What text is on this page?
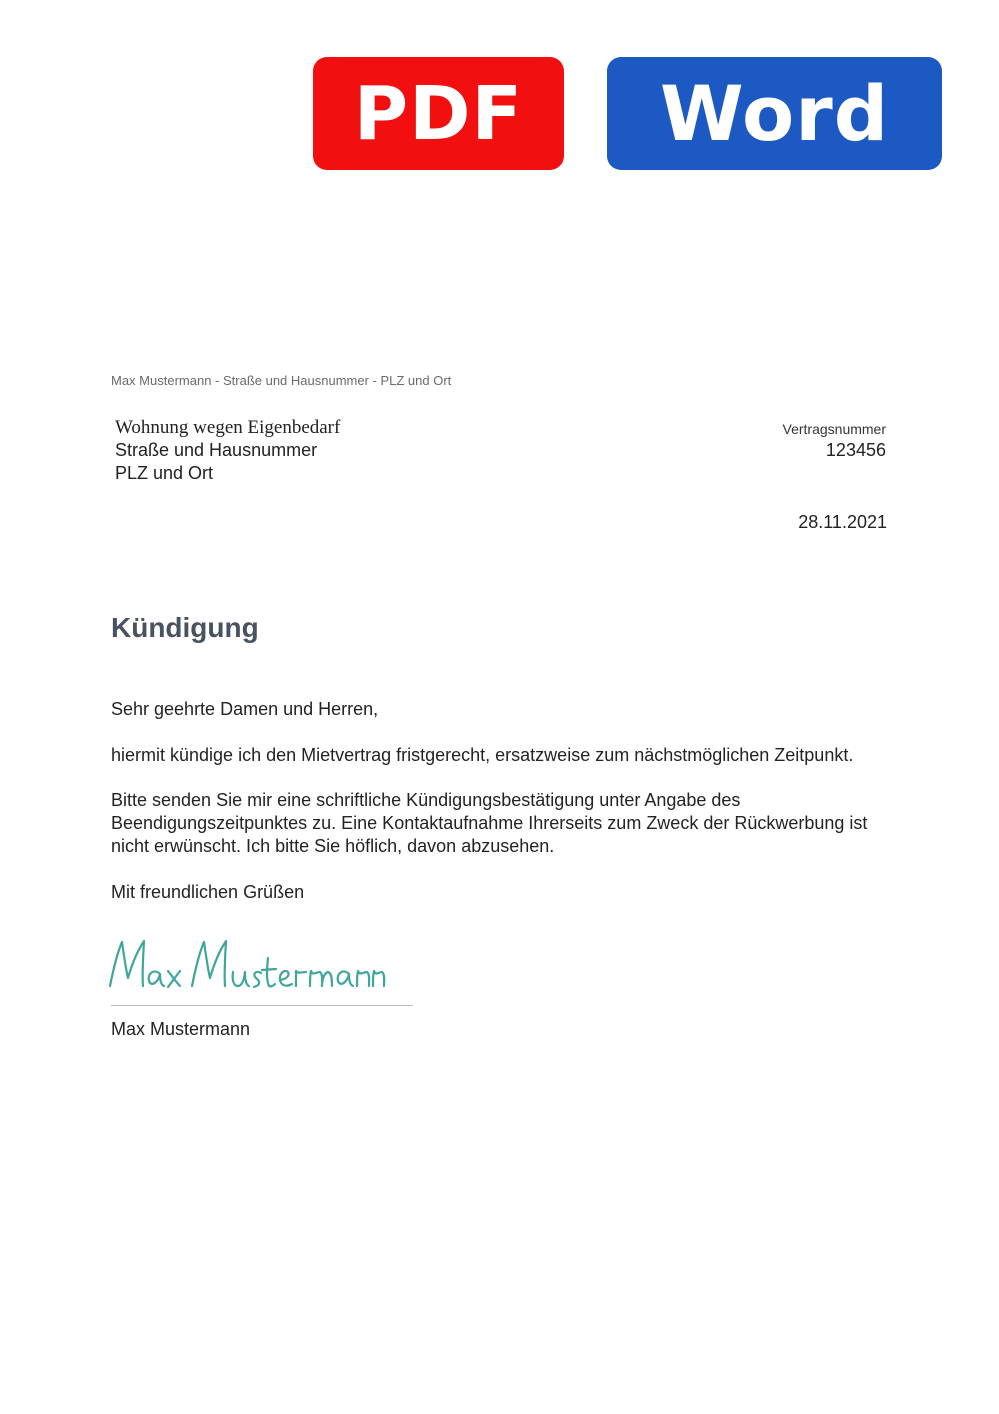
PDF	Word
Max Mustermann - Straße und Hausnummer - PLZ und Ort
Wohnung wegen Eigenbedarf
Straße und Hausnummer
PLZ und Ort
Vertragsnummer
123456
28.11.2021
Kündigung
Sehr geehrte Damen und Herren,
hiermit kündige ich den Mietvertrag fristgerecht, ersatzweise zum nächstmöglichen Zeitpunkt.
Bitte senden Sie mir eine schriftliche Kündigungsbestätigung unter Angabe des Beendigungszeitpunktes zu. Eine Kontaktaufnahme Ihrerseits zum Zweck der Rückwerbung ist nicht erwünscht. Ich bitte Sie höflich, davon abzusehen.
Mit freundlichen Grüßen
Max Mustermann
